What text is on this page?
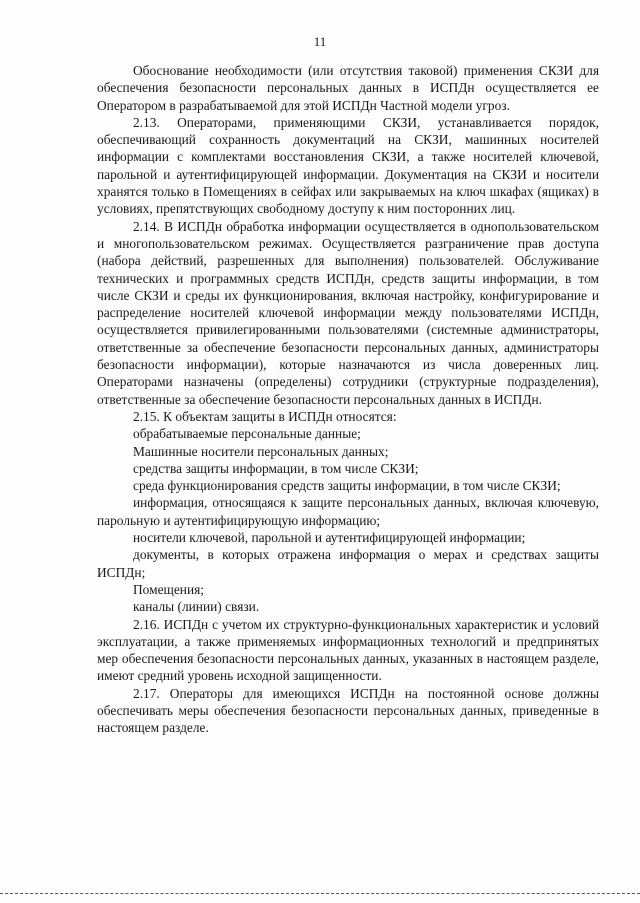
11

Обоснование необходимости (или отсутствия таковой) применения СКЗИ для обеспечения безопасности персональных данных в ИСПДн осуществляется ее Оператором в разрабатываемой для этой ИСПДн Частной модели угроз.

2.13. Операторами, применяющими СКЗИ, устанавливается порядок, обеспечивающий сохранность документаций на СКЗИ, машинных носителей информации с комплектами восстановления СКЗИ, а также носителей ключевой, парольной и аутентифицирующей информации. Документация на СКЗИ и носители хранятся только в Помещениях в сейфах или закрываемых на ключ шкафах (ящиках) в условиях, препятствующих свободному доступу к ним посторонних лиц.

2.14. В ИСПДн обработка информации осуществляется в однопользовательском и многопользовательском режимах. Осуществляется разграничение прав доступа (набора действий, разрешенных для выполнения) пользователей. Обслуживание технических и программных средств ИСПДн, средств защиты информации, в том числе СКЗИ и среды их функционирования, включая настройку, конфигурирование и распределение носителей ключевой информации между пользователями ИСПДн, осуществляется привилегированными пользователями (системные администраторы, ответственные за обеспечение безопасности персональных данных, администраторы безопасности информации), которые назначаются из числа доверенных лиц. Операторами назначены (определены) сотрудники (структурные подразделения), ответственные за обеспечение безопасности персональных данных в ИСПДн.

2.15. К объектам защиты в ИСПДн относятся:

обрабатываемые персональные данные;

Машинные носители персональных данных;

средства защиты информации, в том числе СКЗИ;

среда функционирования средств защиты информации, в том числе СКЗИ;

информация, относящаяся к защите персональных данных, включая ключевую, парольную и аутентифицирующую информацию;

носители ключевой, парольной и аутентифицирующей информации;

документы, в которых отражена информация о мерах и средствах защиты ИСПДн;

Помещения;

каналы (линии) связи.

2.16. ИСПДн с учетом их структурно-функциональных характеристик и условий эксплуатации, а также применяемых информационных технологий и предпринятых мер обеспечения безопасности персональных данных, указанных в настоящем разделе, имеют средний уровень исходной защищенности.

2.17. Операторы для имеющихся ИСПДн на постоянной основе должны обеспечивать меры обеспечения безопасности персональных данных, приведенные в настоящем разделе.
